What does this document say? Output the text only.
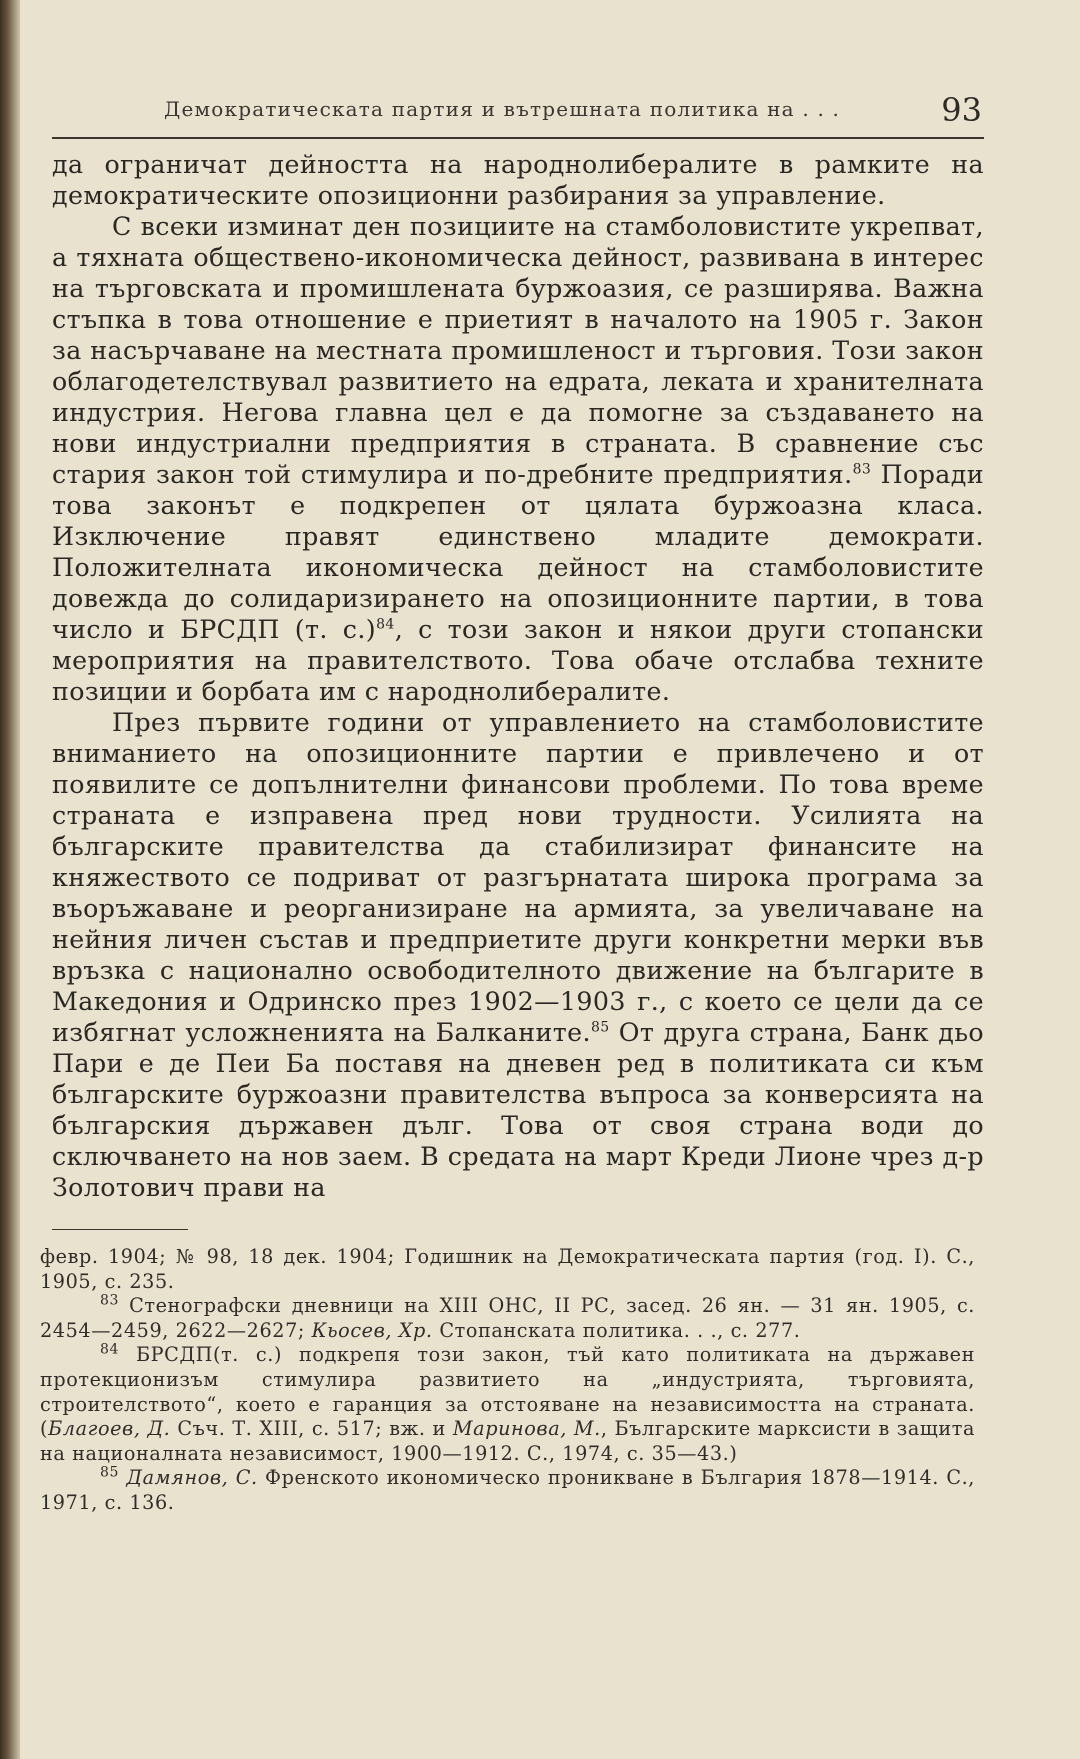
Демократическата партия и вътрешната политика на . . .	93

да ограничат дейността на народнолибералите в рамките на демократическите опозиционни разбирания за управление.

С всеки изминат ден позициите на стамболовистите укрепват, а тяхната обществено-икономическа дейност, развивана в интерес на търговската и промишлената буржоазия, се разширява. Важна стъпка в това отношение е приетият в началото на 1905 г. Закон за насърчаване на местната промишленост и търговия. Този закон облагодетелствувал развитието на едрата, леката и хранителната индустрия. Негова главна цел е да помогне за създаването на нови индустриални предприятия в страната. В сравнение със стария закон той стимулира и по-дребните предприятия.$^{83}$ Поради това законът е подкрепен от цялата буржоазна класа. Изключение правят единствено младите демократи. Положителната икономическа дейност на стамболовистите довежда до солидаризирането на опозиционните партии, в това число и БРСДП (т. с.)$^{84}$, с този закон и някои други стопански мероприятия на правителството. Това обаче отслабва техните позиции и борбата им с народнолибералите.

През първите години от управлението на стамболовистите вниманието на опозиционните партии е привлечено и от появилите се допълнителни финансови проблеми. По това време страната е изправена пред нови трудности. Усилията на българските правителства да стабилизират финансите на княжеството се подриват от разгърнатата широка програма за въоръжаване и реорганизиране на армията, за увеличаване на нейния личен състав и предприетите други конкретни мерки във връзка с национално освободителното движение на българите в Македония и Одринско през 1902—1903 г., с което се цели да се избягнат усложненията на Балканите.$^{85}$ От друга страна, Банк дьо Пари е де Пеи Ба поставя на дневен ред в политиката си към българските буржоазни правителства въпроса за конверсията на българския държавен дълг. Това от своя страна води до сключването на нов заем. В средата на март Креди Лионе чрез д-р Золотович прави на

февр. 1904; № 98, 18 дек. 1904; Годишник на Демократическата партия (год. I). С., 1905, с. 235.

$^{83}$ Стенографски дневници на XIII ОНС, II РС, засед. 26 ян. — 31 ян. 1905, с. 2454—2459, 2622—2627; Кьосев, Хр. Стопанската политика. . ., с. 277.

$^{84}$ БРСДП(т. с.) подкрепя този закон, тъй като политиката на държавен протекционизъм стимулира развитието на „индустрията, търговията, строителството“, което е гаранция за отстояване на независимостта на страната. (Благоев, Д. Съч. Т. XIII, с. 517; вж. и Маринова, М., Българските марксисти в защита на националната независимост, 1900—1912. С., 1974, с. 35—43.)

$^{85}$ Дамянов, С. Френското икономическо проникване в България 1878—1914. С., 1971, с. 136.
